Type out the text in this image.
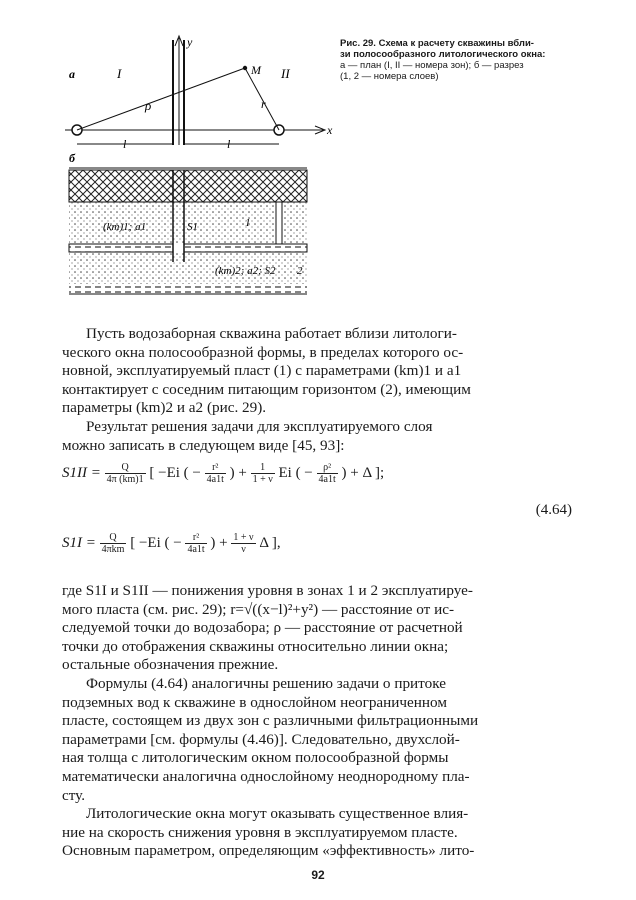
а	I	II
y
x
M
ρ	r
l	l
б
(km)1; a1	S1	1
(km)2; a2; S2 2
Рис. 29. Схема к расчету скважины вбли-
зи полосообразного литологического окна:
а — план (I, II — номера зон); б — разрез
(1, 2 — номера слоев)
Пусть водозаборная скважина работает вблизи литологи-
ческого окна полосообразной формы, в пределах которого ос-
новной, эксплуатируемый пласт (1) с параметрами (km)1 и a1
контактирует с соседним питающим горизонтом (2), имеющим
параметры (km)2 и a2 (рис. 29).
Результат решения задачи для эксплуатируемого слоя
можно записать в следующем виде [45, 93]:
$S1II = \frac{Q}{4\pi (km)1}$ [ −Ei ( − $\frac{\text{r²}}{4a1t}$ ) + $\frac{1}{1 + \nu}$ Ei ( − $\frac{\text{ρ²}}{4a1t}$ ) + Δ ];
(4.64)
$S1I = \frac{Q}{\text{4πkm}}$ [ −Ei ( − $\frac{\text{r²}}{4a1t}$ ) + $\frac{1 + \nu}{\nu}$ Δ ],
где S1I и S1II — понижения уровня в зонах 1 и 2 эксплуатируе-
мого пласта (см. рис. 29); r=√((x−l)²+y²) — расстояние от ис-
следуемой точки до водозабора; ρ — расстояние от расчетной
точки до отображения скважины относительно линии окна;
остальные обозначения прежние.
Формулы (4.64) аналогичны решению задачи о притоке
подземных вод к скважине в однослойном неограниченном
пласте, состоящем из двух зон с различными фильтрационными
параметрами [см. формулы (4.46)]. Следовательно, двухслой-
ная толща с литологическим окном полосообразной формы
математически аналогична однослойному неоднородному пла-
сту.
Литологические окна могут оказывать существенное влия-
ние на скорость снижения уровня в эксплуатируемом пласте.
Основным параметром, определяющим «эффективность» лито-
92
